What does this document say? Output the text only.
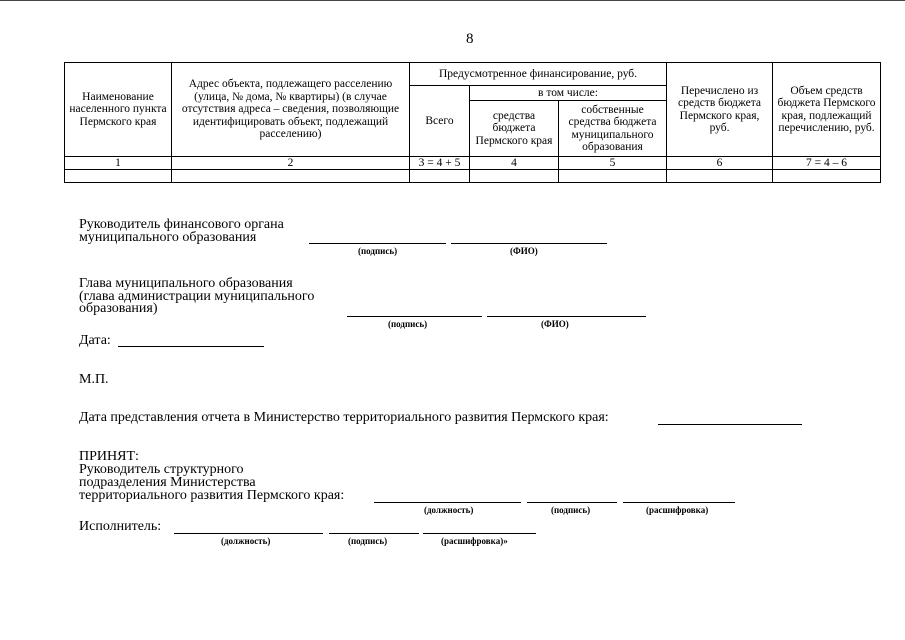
8
Наименование населенного пункта Пермского края	Адрес объекта, подлежащего расселению (улица, № дома, № квартиры) (в случае отсутствия адреса – сведения, позволяющие идентифицировать объект, подлежащий расселению)	Предусмотренное финансирование, руб.			Перечислено из средств бюджета Пермского края, руб.	Объем средств бюджета Пермского края, подлежащий перечислению, руб.
		Всего	в том числе:			
			средства бюджета Пермского края	собственные средства бюджета муниципального образования		
1	2	3 = 4 + 5	4	5	6	7 = 4 – 6

Руководитель финансового органа
муниципального образования
(подпись)	(ФИО)
Глава муниципального образования
(глава администрации муниципального
образования)
(подпись)	(ФИО)
Дата:
М.П.
Дата представления отчета в Министерство территориального развития Пермского края:
ПРИНЯТ:
Руководитель структурного
подразделения Министерства
территориального развития Пермского края:
(должность)	(подпись)	(расшифровка)
Исполнитель:
(должность)	(подпись)	(расшифровка)»
